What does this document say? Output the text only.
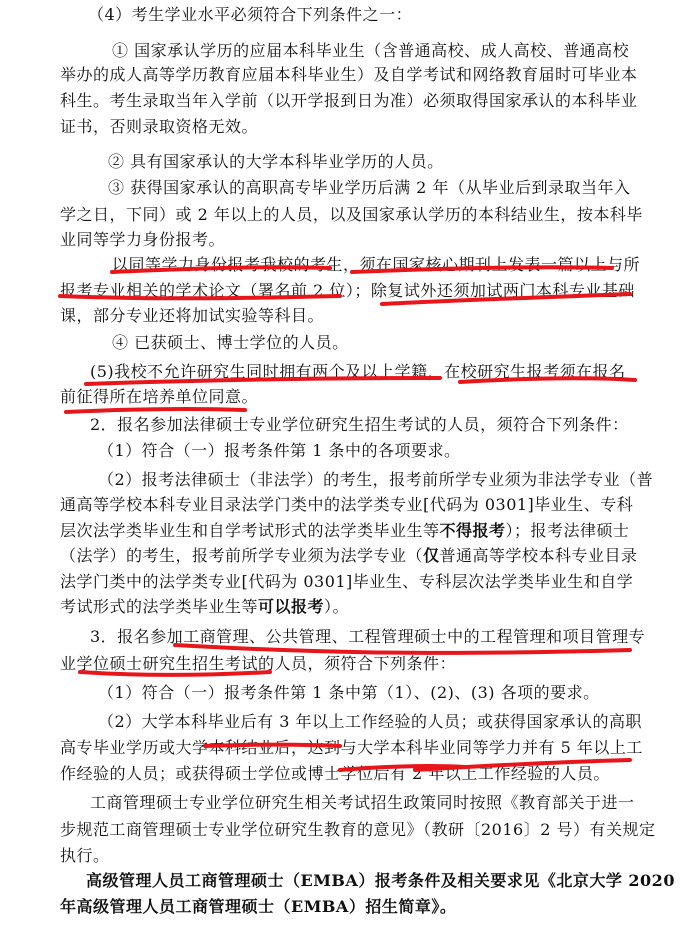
（4）考生学业水平必须符合下列条件之一：
① 国家承认学历的应届本科毕业生（含普通高校、成人高校、普通高校
举办的成人高等学历教育应届本科毕业生）及自学考试和网络教育届时可毕业本
科生。考生录取当年入学前（以开学报到日为准）必须取得国家承认的本科毕业
证书，否则录取资格无效。
② 具有国家承认的大学本科毕业学历的人员。
③ 获得国家承认的高职高专毕业学历后满 2 年（从毕业后到录取当年入
学之日，下同）或 2 年以上的人员，以及国家承认学历的本科结业生，按本科毕
业同等学力身份报考。
以同等学力身份报考我校的考生，须在国家核心期刊上发表一篇以上与所
报考专业相关的学术论文（署名前 2 位）；除复试外还须加试两门本科专业基础
课，部分专业还将加试实验等科目。
④ 已获硕士、博士学位的人员。
(5)我校不允许研究生同时拥有两个及以上学籍，在校研究生报考须在报名
前征得所在培养单位同意。
2．报名参加法律硕士专业学位研究生招生考试的人员，须符合下列条件：
（1）符合（一）报考条件第 1 条中的各项要求。
（2）报考法律硕士（非法学）的考生，报考前所学专业须为非法学专业（普
通高等学校本科专业目录法学门类中的法学类专业[代码为 0301]毕业生、专科
层次法学类毕业生和自学考试形式的法学类毕业生等不得报考）；报考法律硕士
（法学）的考生，报考前所学专业须为法学专业（仅普通高等学校本科专业目录
法学门类中的法学类专业[代码为 0301]毕业生、专科层次法学类毕业生和自学
考试形式的法学类毕业生等可以报考）。
3．报名参加工商管理、公共管理、工程管理硕士中的工程管理和项目管理专
业学位硕士研究生招生考试的人员，须符合下列条件：
（1）符合（一）报考条件第 1 条中第（1）、(2)、(3) 各项的要求。
（2）大学本科毕业后有 3 年以上工作经验的人员；或获得国家承认的高职
高专毕业学历或大学本科结业后，达到与大学本科毕业同等学力并有 5 年以上工
作经验的人员；或获得硕士学位或博士学位后有 2 年以上工作经验的人员。
工商管理硕士专业学位研究生相关考试招生政策同时按照《教育部关于进一
步规范工商管理硕士专业学位研究生教育的意见》（教研〔2016〕2 号）有关规定
执行。
高级管理人员工商管理硕士（EMBA）报考条件及相关要求见《北京大学 2020
年高级管理人员工商管理硕士（EMBA）招生简章》。
